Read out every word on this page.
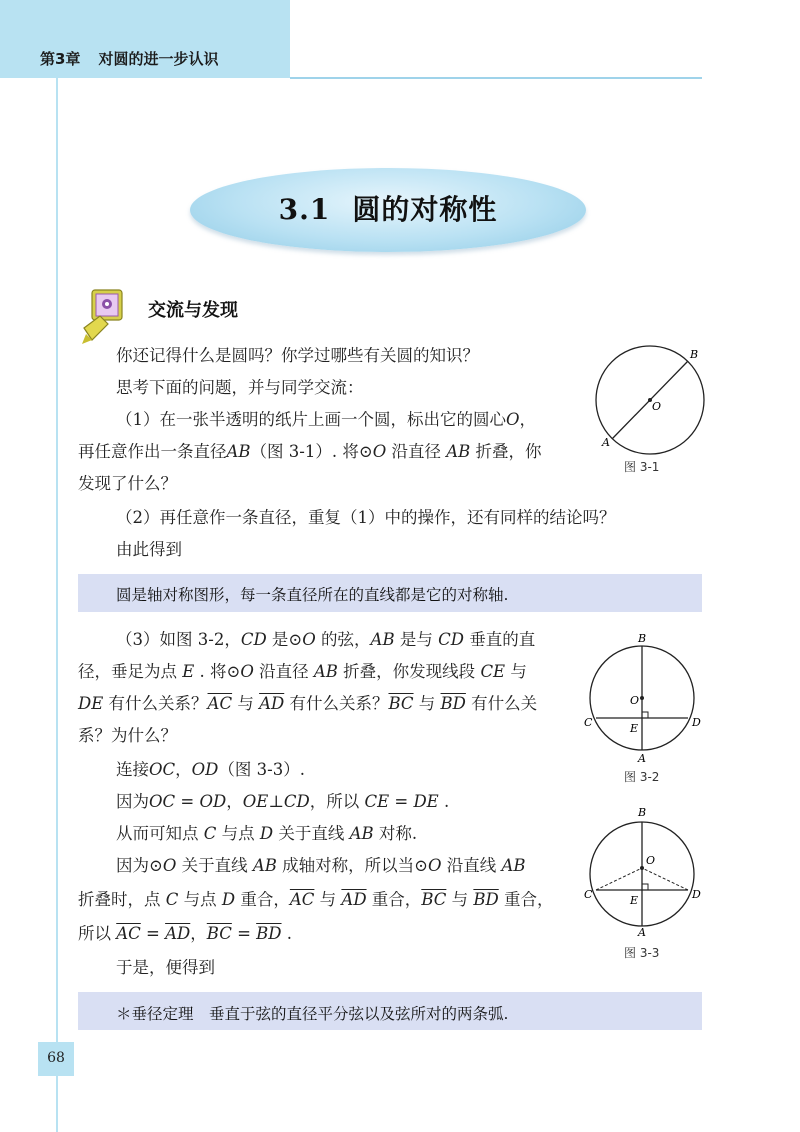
第3章 对圆的进一步认识
3.1 圆的对称性
交流与发现
你还记得什么是圆吗？你学过哪些有关圆的知识？
思考下面的问题，并与同学交流：
（1）在一张半透明的纸片上画一个圆，标出它的圆心O，
再任意作出一条直径AB（图 3-1）. 将⊙O 沿直径 AB 折叠，你
发现了什么？
（2）再任意作一条直径，重复（1）中的操作，还有同样的结论吗？
由此得到
圆是轴对称图形，每一条直径所在的直线都是它的对称轴.
B
A
O
图 3-1
（3）如图 3-2，CD 是⊙O 的弦，AB 是与 CD 垂直的直
径，垂足为点 E . 将⊙O 沿直径 AB 折叠，你发现线段 CE 与
DE 有什么关系？$\overline{AC}$ 与 $\overline{AD}$ 有什么关系？$\overline{BC}$ 与 $\overline{BD}$ 有什么关
系？为什么？
连接OC，OD（图 3-3）.
因为OC = OD，OE⊥CD，所以 CE = DE .
从而可知点 C 与点 D 关于直线 AB 对称.
因为⊙O 关于直线 AB 成轴对称，所以当⊙O 沿直线 AB
折叠时，点 C 与点 D 重合，$\overline{AC}$ 与 $\overline{AD}$ 重合，$\overline{BC}$ 与 $\overline{BD}$ 重合，
所以 $\overline{AC} = \overline{AD}$，$\overline{BC} = \overline{BD}$ .
于是，便得到
B
A
C	D
O
E
图 3-2
B
A
C	D
O
E
图 3-3
＊垂径定理　垂直于弦的直径平分弦以及弦所对的两条弧.
68
